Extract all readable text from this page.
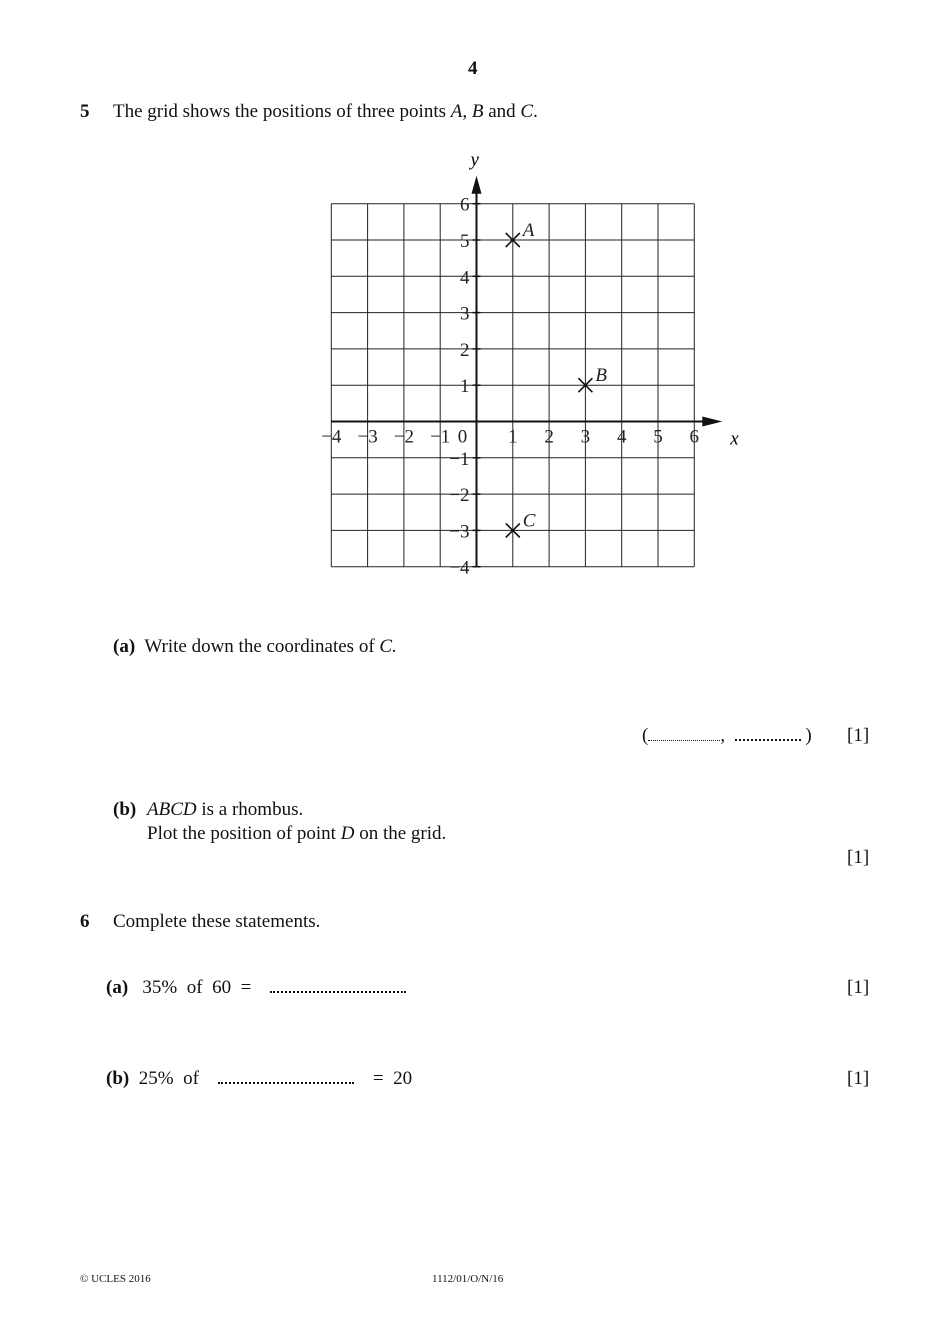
4
5 The grid shows the positions of three points A, B and C.
x
y
−4 −3 −2 −1 0 1 2 3 4 5 6
6
5
4
3
2
1
−1
−2
−3
−4
A
B
C
(a) Write down the coordinates of C.
(	,	) [1]
(b) ABCD is a rhombus.
Plot the position of point D on the grid.
[1]
6 Complete these statements.
(a) 35% of 60 =	[1]
(b) 25% of	= 20	[1]
© UCLES 2016	1112/01/O/N/16
